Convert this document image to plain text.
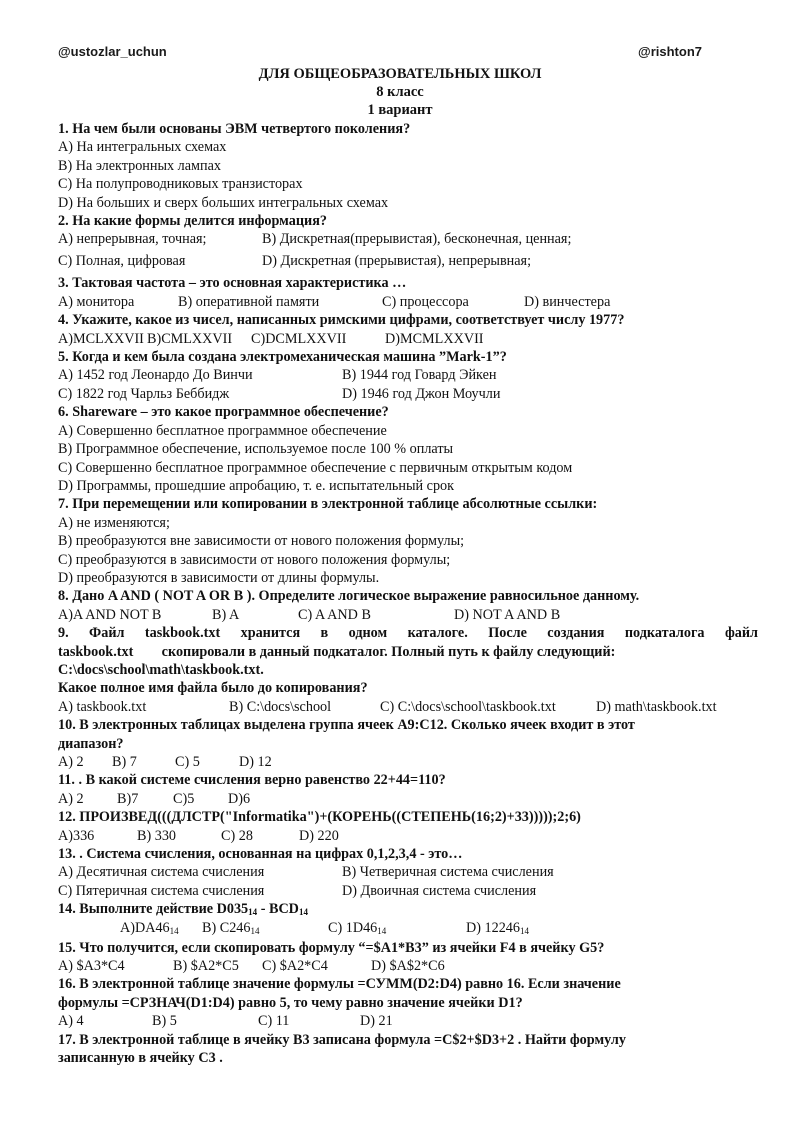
@ustozlar_uchun	@rishton7
ДЛЯ ОБЩЕОБРАЗОВАТЕЛЬНЫХ ШКОЛ
8 класс
1 вариант
1. На чем были основаны ЭВМ четвертого поколения?
A) На интегральных схемах
B) На электронных лампах
C) На полупроводниковых транзисторах
D) На больших и сверх больших интегральных схемах
2. На какие формы делится информация?
A) непрерывная, точная;	B) Дискретная(прерывистая), бесконечная, ценная;
C) Полная, цифровая	D) Дискретная (прерывистая), непрерывная;
3. Тактовая частота – это основная характеристика …
A) монитора	B) оперативной памяти	C) процессора	D) винчестера
4. Укажите, какое из чисел, написанных римскими цифрами, соответствует числу 1977?
A)MCLXXVII B)CMLXXVII	C)DCMLXXVII	D)MCMLXXVII
5. Когда и кем была создана электромеханическая машина ”Mark-1”?
A) 1452 год Леонардо До Винчи	B) 1944 год Говард Эйкен
C) 1822 год Чарльз Беббидж	D) 1946 год Джон Моучли
6. Shareware – это какое программное обеспечение?
A) Совершенно бесплатное программное обеспечение
B) Программное обеспечение, используемое после 100 % оплаты
C) Совершенно бесплатное программное обеспечение с первичным открытым кодом
D) Программы, прошедшие апробацию, т. е. испытательный срок
7. При перемещении или копировании в электронной таблице абсолютные ссылки:
A) не изменяются;
B) преобразуются вне зависимости от нового положения формулы;
C) преобразуются в зависимости от нового положения формулы;
D) преобразуются в зависимости от длины формулы.
8. Дано A AND ( NOT A OR B ). Определите логическое выражение равносильное данному.
A)A AND NOT B	B) A	C) A AND B	D) NOT A AND B
9. Файл taskbook.txt хранится в одном каталоге. После создания подкаталога файл
taskbook.txt        скопировали в данный подкаталог. Полный путь к файлу следующий:
C:\docs\school\math\taskbook.txt.
Какое полное имя файла было до копирования?
A) taskbook.txt	B) C:\docs\school	C) C:\docs\school\taskbook.txt	D) math\taskbook.txt
10. В электронных таблицах выделена группа ячеек A9:C12. Сколько ячеек входит в этот
диапазон?
A) 2	B) 7	C) 5	D) 12
11. . В какой системе счисления верно равенство 22+44=110?
A) 2	B)7	C)5	D)6
12. ПРОИЗВЕД(((ДЛСТР("Informatika")+(КОРЕНЬ((СТЕПЕНЬ(16;2)+33)))));2;6)
A)336	B) 330	C) 28	D) 220
13. . Система счисления, основанная на цифрах 0,1,2,3,4 - это…
A) Десятичная система счисления	B) Четверичная система счисления
C) Пятеричная система счисления	D) Двоичная система счисления
14. Выполните действие $D035_{14} - BCD_{14}$
$A)DA46_{14}$	B) $C246_{14}$	C) $1D46_{14}$	D) $12246_{14}$
15. Что получится, если скопировать формулу “=$A1*B3” из ячейки F4 в ячейку G5?
A) $A3*C4	B) $A2*C5	C) $A2*C4	D) $A$2*C6
16. В электронной таблице значение формулы =СУММ(D2:D4) равно 16. Если значение
формулы =СРЗНАЧ(D1:D4) равно 5, то чему равно значение ячейки D1?
A) 4	B) 5	C) 11	D) 21
17. В электронной таблице в ячейку B3 записана формула =C$2+$D3+2 . Найти формулу
записанную в ячейку C3 .
